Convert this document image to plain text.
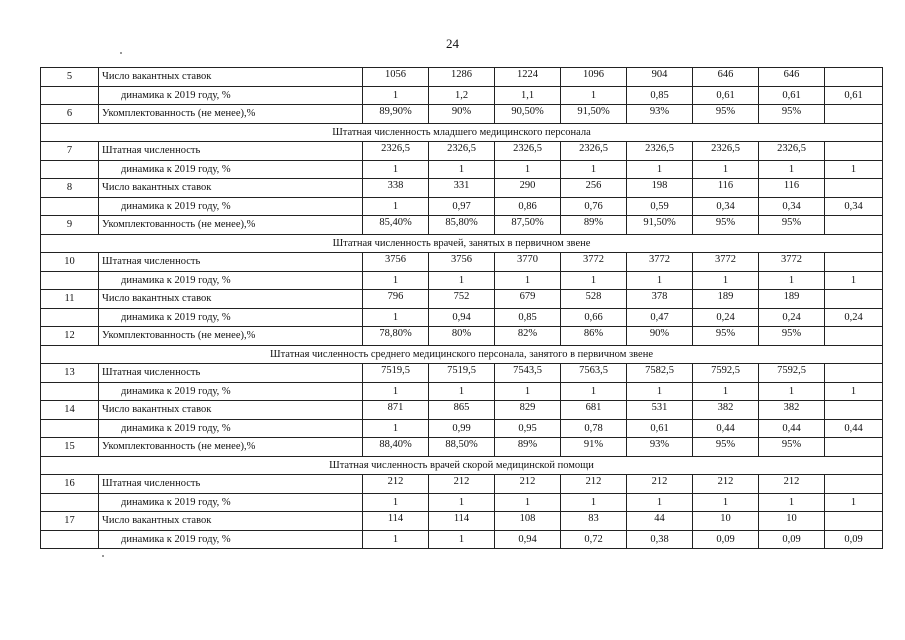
24
5	Число вакантных ставок	1056	1286	1224	1096	904	646	646	
	динамика к 2019 году, %	1	1,2	1,1	1	0,85	0,61	0,61	0,61
6	Укомплектованность (не менее),%	89,90%	90%	90,50%	91,50%	93%	95%	95%	
Штатная численность младшего медицинского персонала									
7	Штатная численность	2326,5	2326,5	2326,5	2326,5	2326,5	2326,5	2326,5	
	динамика к 2019 году, %	1	1	1	1	1	1	1	1
8	Число вакантных ставок	338	331	290	256	198	116	116	
	динамика к 2019 году, %	1	0,97	0,86	0,76	0,59	0,34	0,34	0,34
9	Укомплектованность (не менее),%	85,40%	85,80%	87,50%	89%	91,50%	95%	95%	
Штатная численность врачей, занятых в первичном звене									
10	Штатная численность	3756	3756	3770	3772	3772	3772	3772	
	динамика к 2019 году, %	1	1	1	1	1	1	1	1
11	Число вакантных ставок	796	752	679	528	378	189	189	
	динамика к 2019 году, %	1	0,94	0,85	0,66	0,47	0,24	0,24	0,24
12	Укомплектованность (не менее),%	78,80%	80%	82%	86%	90%	95%	95%	
Штатная численность среднего медицинского персонала, занятого в первичном звене									
13	Штатная численность	7519,5	7519,5	7543,5	7563,5	7582,5	7592,5	7592,5	
	динамика к 2019 году, %	1	1	1	1	1	1	1	1
14	Число вакантных ставок	871	865	829	681	531	382	382	
	динамика к 2019 году, %	1	0,99	0,95	0,78	0,61	0,44	0,44	0,44
15	Укомплектованность (не менее),%	88,40%	88,50%	89%	91%	93%	95%	95%	
Штатная численность врачей скорой медицинской помощи									
16	Штатная численность	212	212	212	212	212	212	212	
	динамика к 2019 году, %	1	1	1	1	1	1	1	1
17	Число вакантных ставок	114	114	108	83	44	10	10	
	динамика к 2019 году, %	1	1	0,94	0,72	0,38	0,09	0,09	0,09
